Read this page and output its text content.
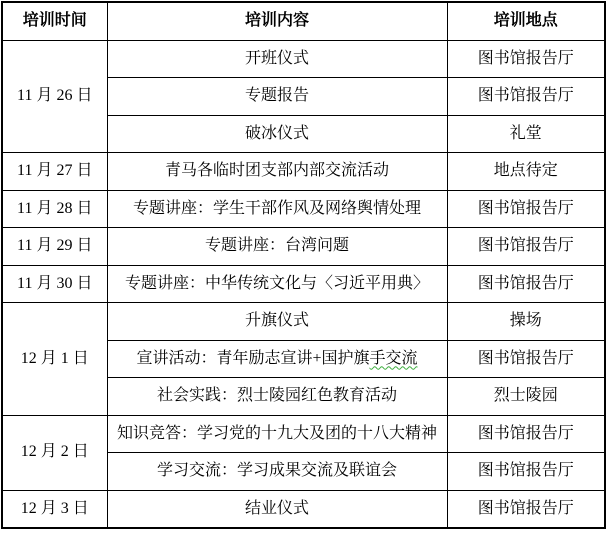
培训时间	培训内容	培训地点
11 月 26 日	开班仪式	图书馆报告厅
	专题报告	图书馆报告厅
	破冰仪式	礼堂
11 月 27 日	青马各临时团支部内部交流活动	地点待定
11 月 28 日	专题讲座：学生干部作风及网络舆情处理	图书馆报告厅
11 月 29 日	专题讲座：台湾问题	图书馆报告厅
11 月 30 日	专题讲座：中华传统文化与〈习近平用典〉	图书馆报告厅
12 月 1 日	升旗仪式	操场
	宣讲活动：青年励志宣讲+国护旗手交流	图书馆报告厅
	社会实践：烈士陵园红色教育活动	烈士陵园
12 月 2 日	知识竞答：学习党的十九大及团的十八大精神	图书馆报告厅
	学习交流：学习成果交流及联谊会	图书馆报告厅
12 月 3 日	结业仪式	图书馆报告厅
